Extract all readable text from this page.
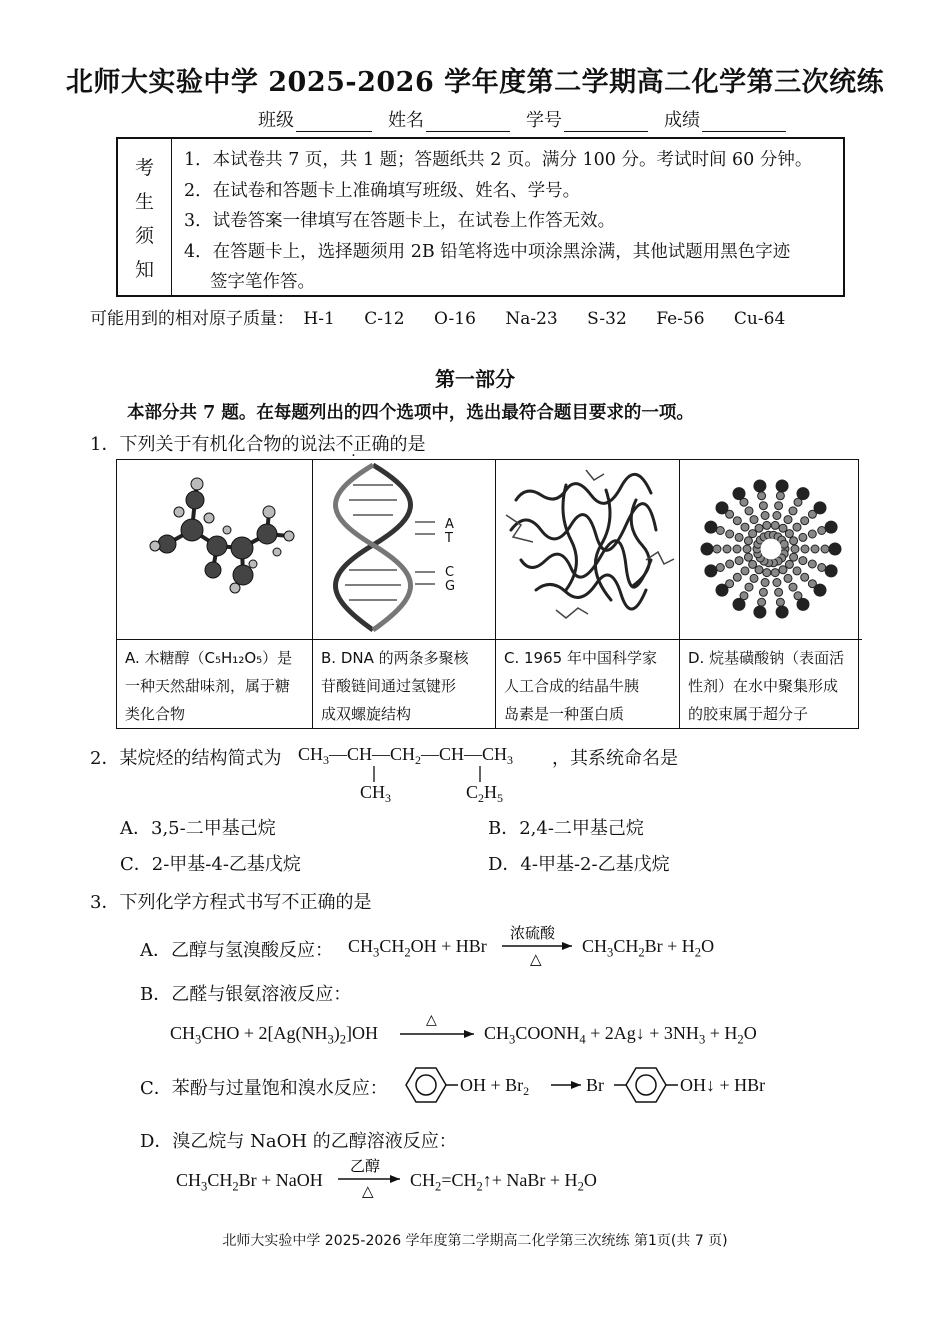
北师大实验中学 2025-2026 学年度第二学期高二化学第三次统练
班级	姓名	学号	成绩
考
生
须
知
1．本试卷共 7 页，共 1 题；答题纸共 2 页。满分 100 分。考试时间 60 分钟。
2．在试卷和答题卡上准确填写班级、姓名、学号。
3．试卷答案一律填写在答题卡上，在试卷上作答无效。
4．在答题卡上，选择题须用 2B 铅笔将选中项涂黑涂满，其他试题用黑色字迹
签字笔作答。
可能用到的相对原子质量： H-1 C-12 O-16 Na-23 S-32 Fe-56 Cu-64
第一部分
本部分共 7 题。在每题列出的四个选项中，选出最符合题目要求的一项。
1．下列关于有机化合物的说法不正确的是
A
T
C
G
A. 木糖醇（C₅H₁₂O₅）是
一种天然甜味剂，属于糖
类化合物
B. DNA 的两条多聚核
苷酸链间通过氢键形
成双螺旋结构
C. 1965 年中国科学家
人工合成的结晶牛胰
岛素是一种蛋白质
D. 烷基磺酸钠（表面活
性剂）在水中聚集形成
的胶束属于超分子
2．某烷烃的结构简式为 $CH_3—CH—CH_2—CH—CH_3$
$CH_3$	$C_2H_5$
，其系统命名是
A．3,5-二甲基己烷	B．2,4-二甲基己烷
C．2-甲基-4-乙基戊烷	D．4-甲基-2-乙基戊烷
3．下列化学方程式书写不正确的是
A．乙醇与氢溴酸反应： $CH_3CH_2OH$ + HBr
浓硫酸
△
$CH_3CH_2Br + H_2O$
B．乙醛与银氨溶液反应：
$CH_3CHO + 2[Ag(NH_3)_2]OH$
△
$CH_3COONH_4$ + 2Ag↓ + $3NH_3 + H_2O$
C．苯酚与过量饱和溴水反应：	OH + $Br_2$	Br	OH↓ + HBr
D．溴乙烷与 NaOH 的乙醇溶液反应：
$CH_3CH_2Br$ + NaOH
乙醇
△
$CH_2=CH_2↑+$ NaBr + $H_2O$
北师大实验中学 2025-2026 学年度第二学期高二化学第三次统练 第1页(共 7 页)
